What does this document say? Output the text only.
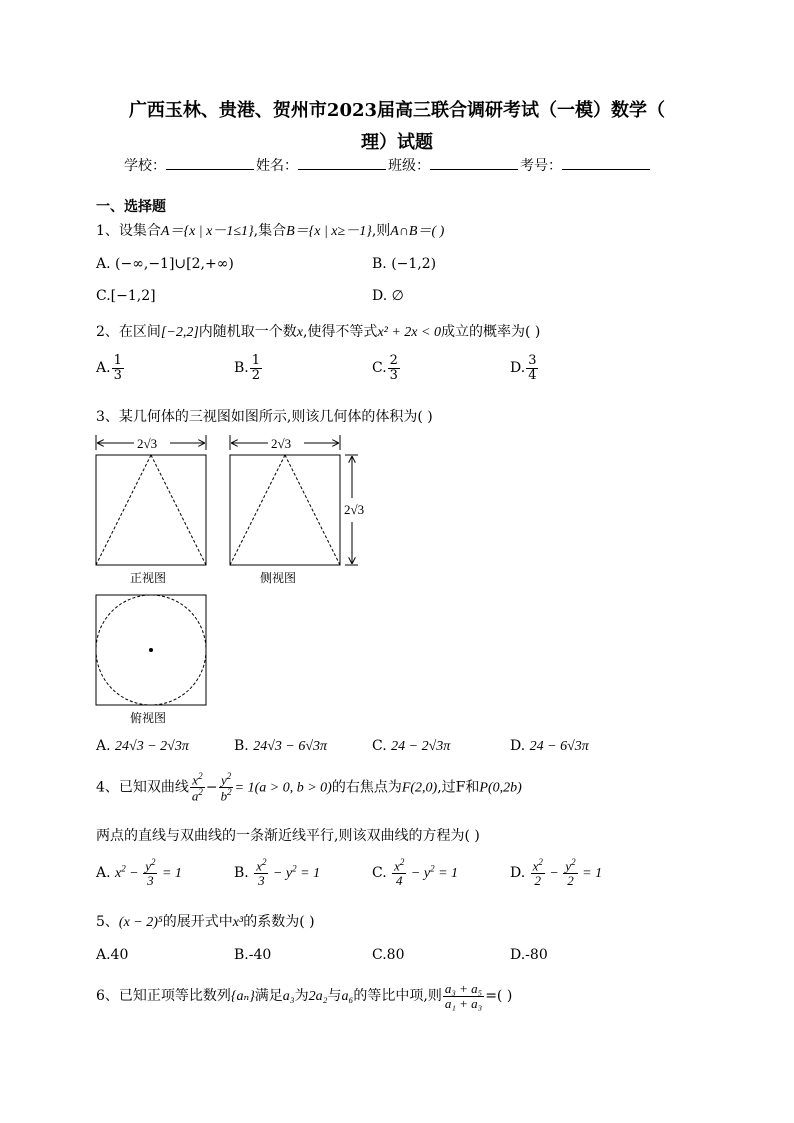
广西玉林、贵港、贺州市2023届高三联合调研考试（一模）数学（
理）试题
学校：	姓名：	班级：	考号：
一、选择题
1、设集合A＝{x | x－1≤1},集合B＝{x | x≥－1},则A∩B＝( )
A. (−∞,−1]∪[2,+∞)	B. (−1,2)
C.[−1,2]	D. ∅
2、在区间[−2,2]内随机取一个数x,使得不等式x² + 2x < 0成立的概率为( )
A. $\frac{1}{3}$	B. $\frac{1}{2}$	C. $\frac{2}{3}$	D. $\frac{3}{4}$
3、某几何体的三视图如图所示,则该几何体的体积为( )
2√3
正视图
2√3
2√3
侧视图
俯视图
A. 24√3 − 2√3π	B. 24√3 − 6√3π	C. 24 − 2√3π	D. 24 − 6√3π
4、已知双曲线 $\frac{x^2}{a^2} - \frac{y^2}{b^2} = 1(a > 0$, b > 0)的右焦点为F(2,0),过F和P(0,2b)
两点的直线与双曲线的一条渐近线平行,则该双曲线的方程为( )
A. $x^2 - \frac{y^2}{3} = 1$	B. $\frac{x^2}{3} - y^2 = 1$	C. $\frac{x^2}{4} - y^2 = 1$	D. $\frac{x^2}{2} - \frac{y^2}{2} = 1$
5、(x − 2)⁵的展开式中x³的系数为( )
A.40	B.-40	C.80	D.-80
6、已知正项等比数列{aₙ}满足a₃为2a₂与a₆的等比中项,则 $\frac{\text{a₃ + a₅}}{\text{a₁ + a₃}}$ =( )
